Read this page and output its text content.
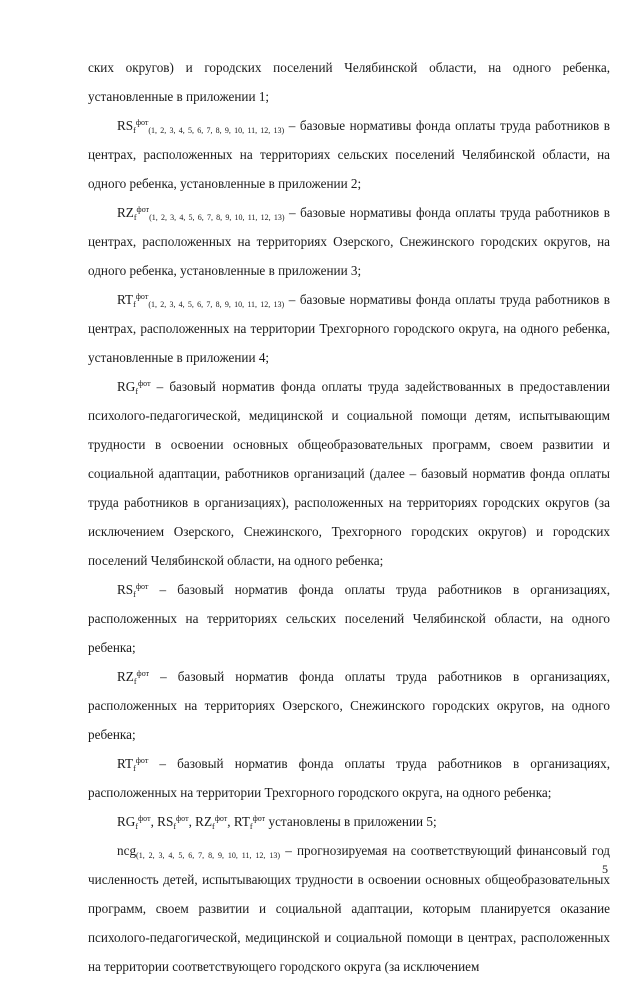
ских округов) и городских поселений Челябинской области, на одного ребенка, установленные в приложении 1;

$RS_f^{фот}_{(1, 2, 3, 4, 5, 6, 7, 8, 9, 10, 11, 12, 13)}$ – базовые нормативы фонда оплаты труда работников в центрах, расположенных на территориях сельских поселений Челябинской области, на одного ребенка, установленные в приложении 2;

$RZ_f^{фот}_{(1, 2, 3, 4, 5, 6, 7, 8, 9, 10, 11, 12, 13)}$ – базовые нормативы фонда оплаты труда работников в центрах, расположенных на территориях Озерского, Снежинского городских округов, на одного ребенка, установленные в приложении 3;

$RT_f^{фот}_{(1, 2, 3, 4, 5, 6, 7, 8, 9, 10, 11, 12, 13)}$ – базовые нормативы фонда оплаты труда работников в центрах, расположенных на территории Трехгорного городского округа, на одного ребенка, установленные в приложении 4;

$RG_f^{фот}$ – базовый норматив фонда оплаты труда задействованных в предоставлении психолого-педагогической, медицинской и социальной помощи детям, испытывающим трудности в освоении основных общеобразовательных программ, своем развитии и социальной адаптации, работников организаций (далее – базовый норматив фонда оплаты труда работников в организациях), расположенных на территориях городских округов (за исключением Озерского, Снежинского, Трехгорного городских округов) и городских поселений Челябинской области, на одного ребенка;

$RS_f^{фот}$ – базовый норматив фонда оплаты труда работников в организациях, расположенных на территориях сельских поселений Челябинской области, на одного ребенка;

$RZ_f^{фот}$ – базовый норматив фонда оплаты труда работников в организациях, расположенных на территориях Озерского, Снежинского городских округов, на одного ребенка;

$RT_f^{фот}$ – базовый норматив фонда оплаты труда работников в организациях, расположенных на территории Трехгорного городского округа, на одного ребенка;

$RG_f^{фот}$, $RS_f^{фот}$, $RZ_f^{фот}$, $RT_f^{фот}$ установлены в приложении 5;

ncg$_{(1, 2, 3, 4, 5, 6, 7, 8, 9, 10, 11, 12, 13)}$ – прогнозируемая на соответствующий финансовый год численность детей, испытывающих трудности в освоении основных общеобразовательных программ, своем развитии и социальной адаптации, которым планируется оказание психолого-педагогической, медицинской и социальной помощи в центрах, расположенных на территории соответствующего городского округа (за исключением

5
